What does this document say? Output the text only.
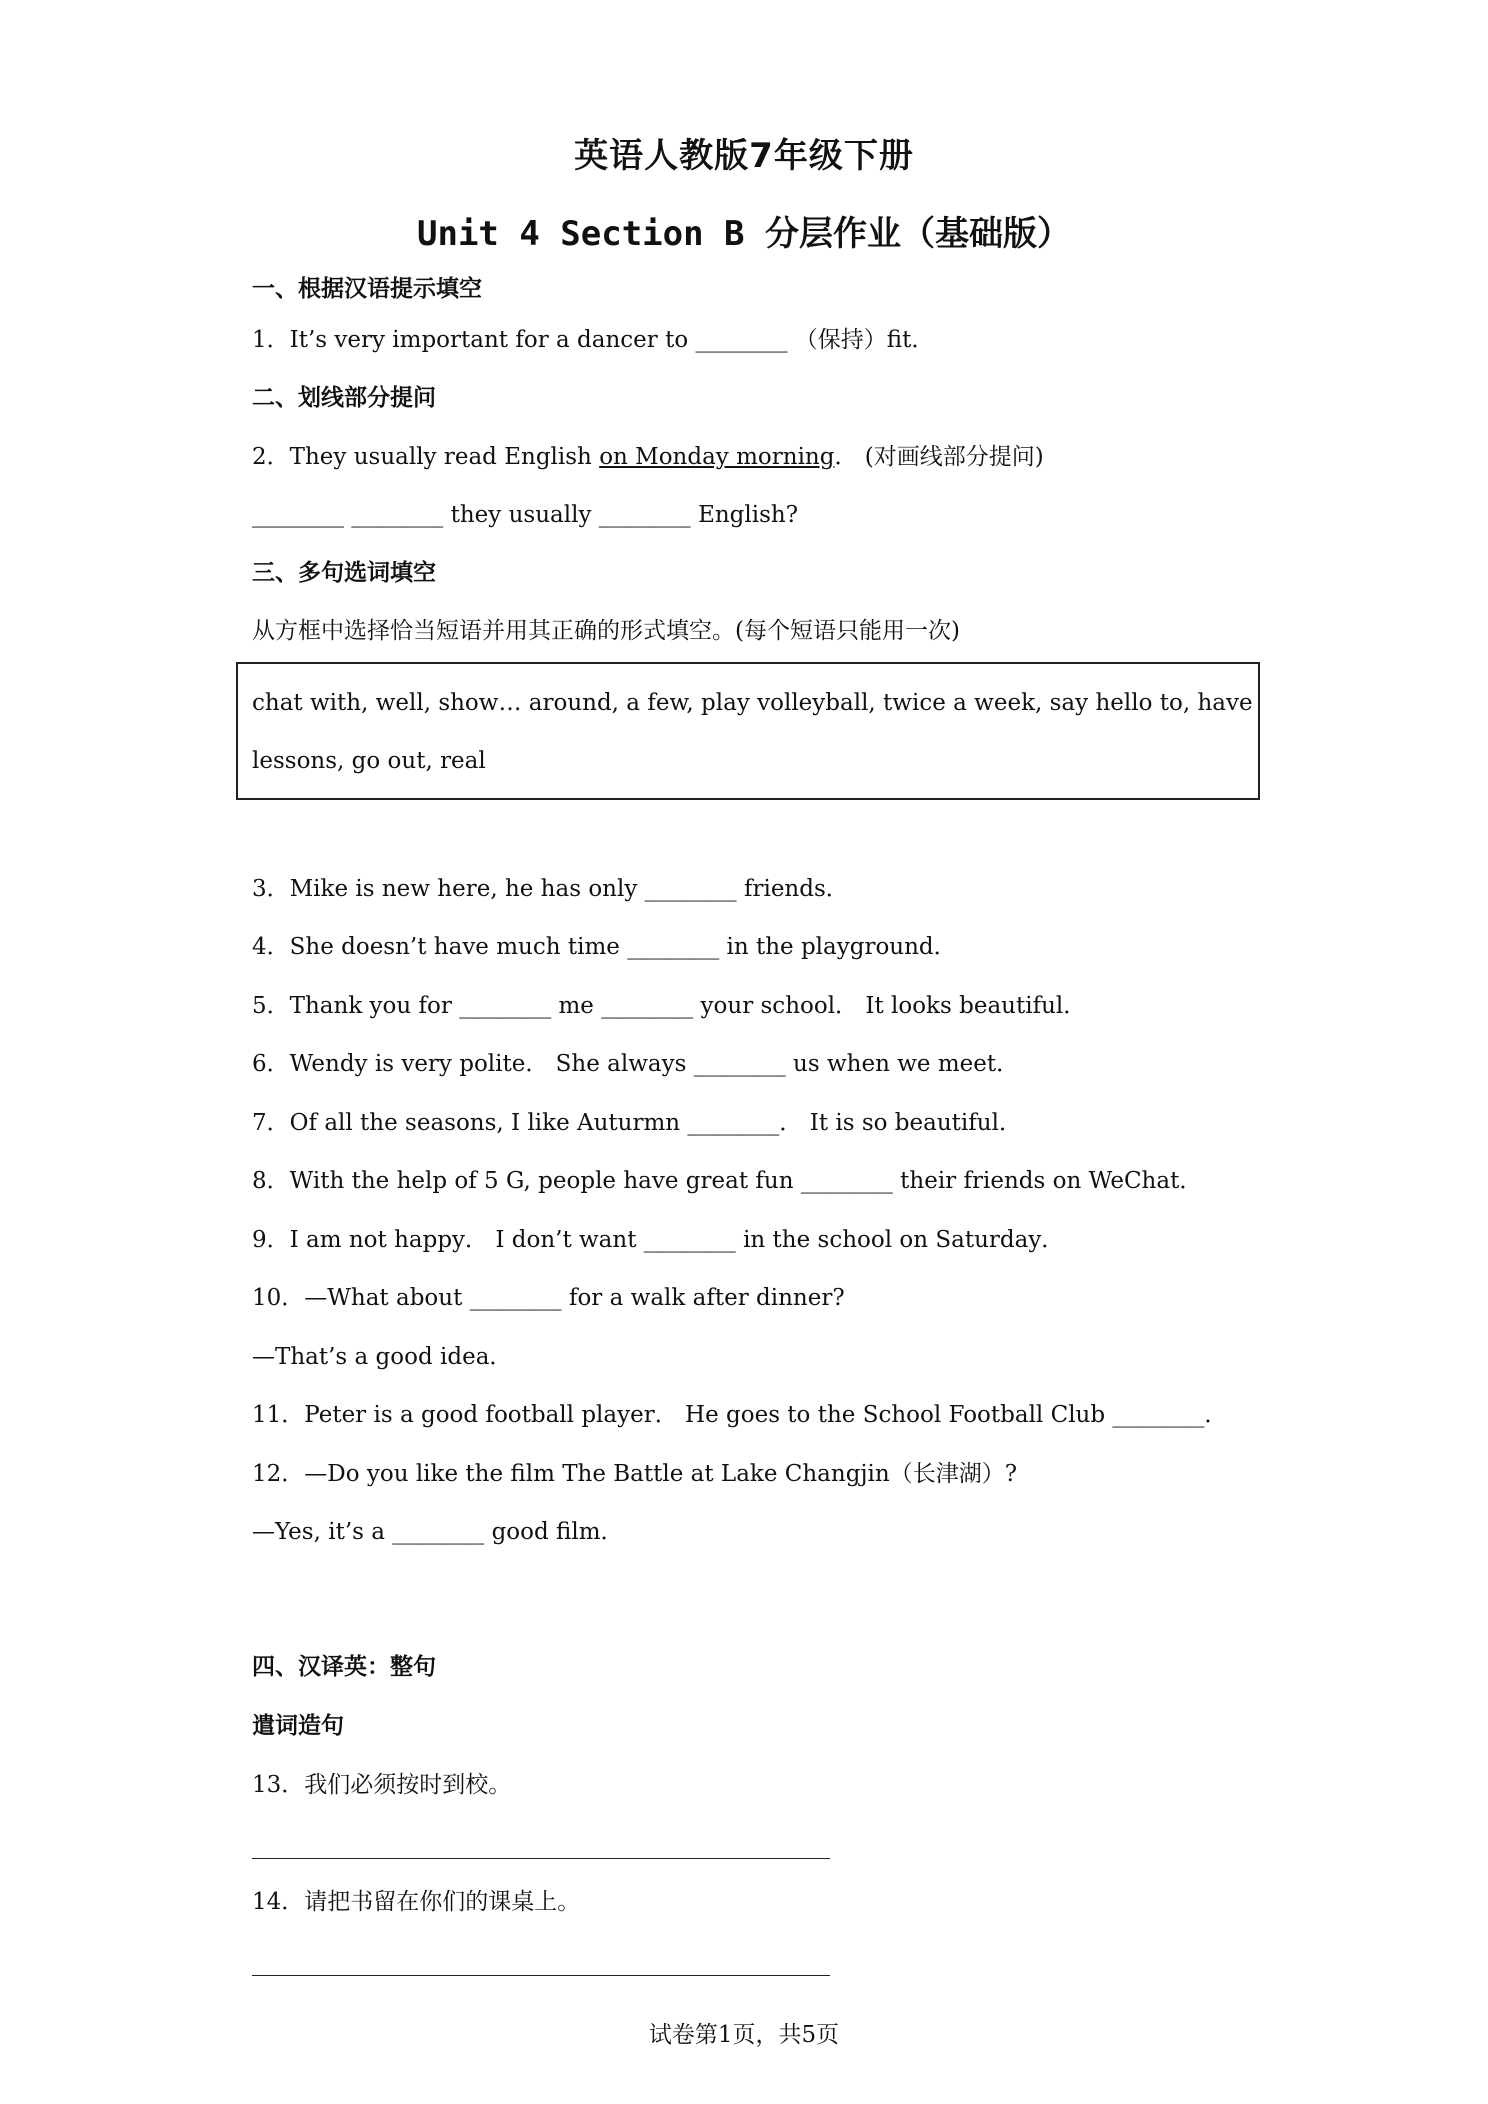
英语人教版7年级下册
Unit 4 Section B 分层作业（基础版）
一、根据汉语提示填空
1．It’s very important for a dancer to ________ （保持）fit．
二、划线部分提问
2．They usually read English on Monday morning． (对画线部分提问)
________ ________ they usually ________ English?
三、多句选词填空
从方框中选择恰当短语并用其正确的形式填空。(每个短语只能用一次)
chat with, well, show… around, a few, play volleyball, twice a week, say hello to, have
lessons, go out, real
3．Mike is new here, he has only ________ friends．
4．She doesn’t have much time ________ in the playground．
5．Thank you for ________ me ________ your school． It looks beautiful．
6．Wendy is very polite． She always ________ us when we meet．
7．Of all the seasons, I like Auturmn ________． It is so beautiful．
8．With the help of 5 G, people have great fun ________ their friends on WeChat．
9．I am not happy． I don’t want ________ in the school on Saturday．
10．—What about ________ for a walk after dinner?
—That’s a good idea．
11．Peter is a good football player． He goes to the School Football Club ________．
12．—Do you like the film The Battle at Lake Changjin（长津湖）?
—Yes, it’s a ________ good film．
四、汉译英：整句
遣词造句
13．我们必须按时到校。
14．请把书留在你们的课桌上。
试卷第1页，共5页
